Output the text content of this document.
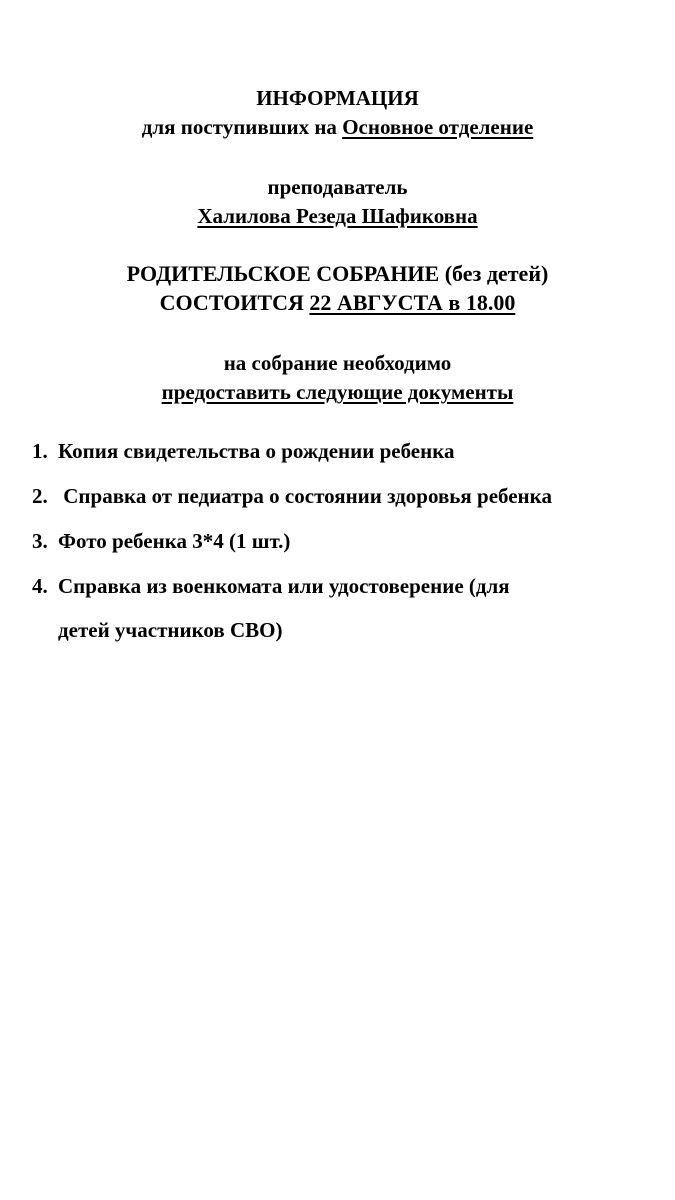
ИНФОРМАЦИЯ
для поступивших на Основное отделение
преподаватель
Халилова Резеда Шафиковна
РОДИТЕЛЬСКОЕ СОБРАНИЕ (без детей)
СОСТОИТСЯ 22 АВГУСТА в 18.00
на собрание необходимо
предоставить следующие документы
1. Копия свидетельства о рождении ребенка
2. Справка от педиатра о состоянии здоровья ребенка
3. Фото ребенка 3*4 (1 шт.)
4. Справка из военкомата или удостоверение (для
детей участников СВО)
